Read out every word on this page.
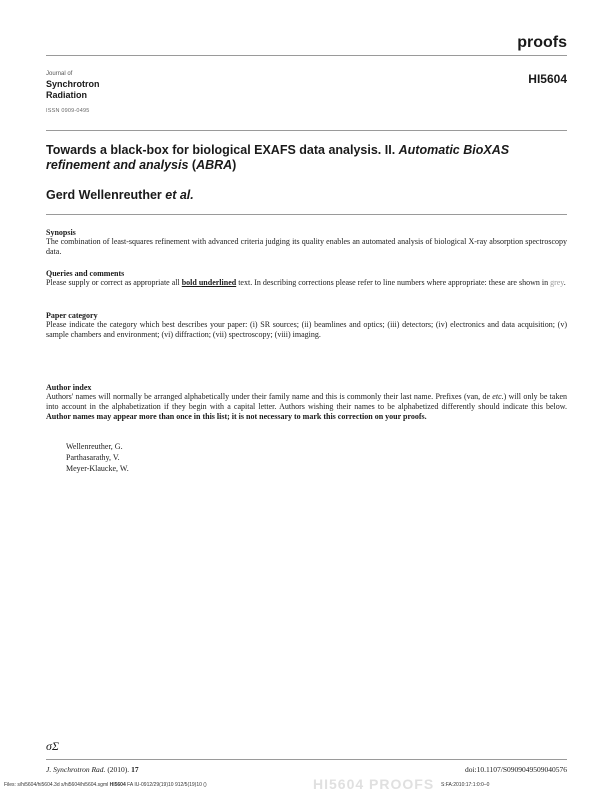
proofs
Journal of
Synchrotron
Radiation
ISSN 0909-0495
HI5604
Towards a black-box for biological EXAFS data analysis. II. Automatic BioXAS refinement and analysis (ABRA)
Gerd Wellenreuther et al.
Synopsis
The combination of least-squares refinement with advanced criteria judging its quality enables an automated analysis of biological X-ray absorption spectroscopy data.
Queries and comments
Please supply or correct as appropriate all bold underlined text. In describing corrections please refer to line numbers where appropriate: these are shown in grey.
Paper category
Please indicate the category which best describes your paper: (i) SR sources; (ii) beamlines and optics; (iii) detectors; (iv) electronics and data acquisition; (v) sample chambers and environment; (vi) diffraction; (vii) spectroscopy; (viii) imaging.
Author index
Authors' names will normally be arranged alphabetically under their family name and this is commonly their last name. Prefixes (van, de etc.) will only be taken into account in the alphabetization if they begin with a capital letter. Authors wishing their names to be alphabetized differently should indicate this below. Author names may appear more than once in this list; it is not necessary to mark this correction on your proofs.
Wellenreuther, G.
Parthasarathy, V.
Meyer-Klaucke, W.
σΣ
J. Synchrotron Rad. (2010). 17	doi:10.1107/S0909049509040576
Files: s/hi5604/hi5604.3d s/hi5604/hi5604.sgml HI5604 FA IU-0912/29(19)10 912/5(19)10 ()	HI5604 PROOFS S:FA:2010:17:1:0:0–0
